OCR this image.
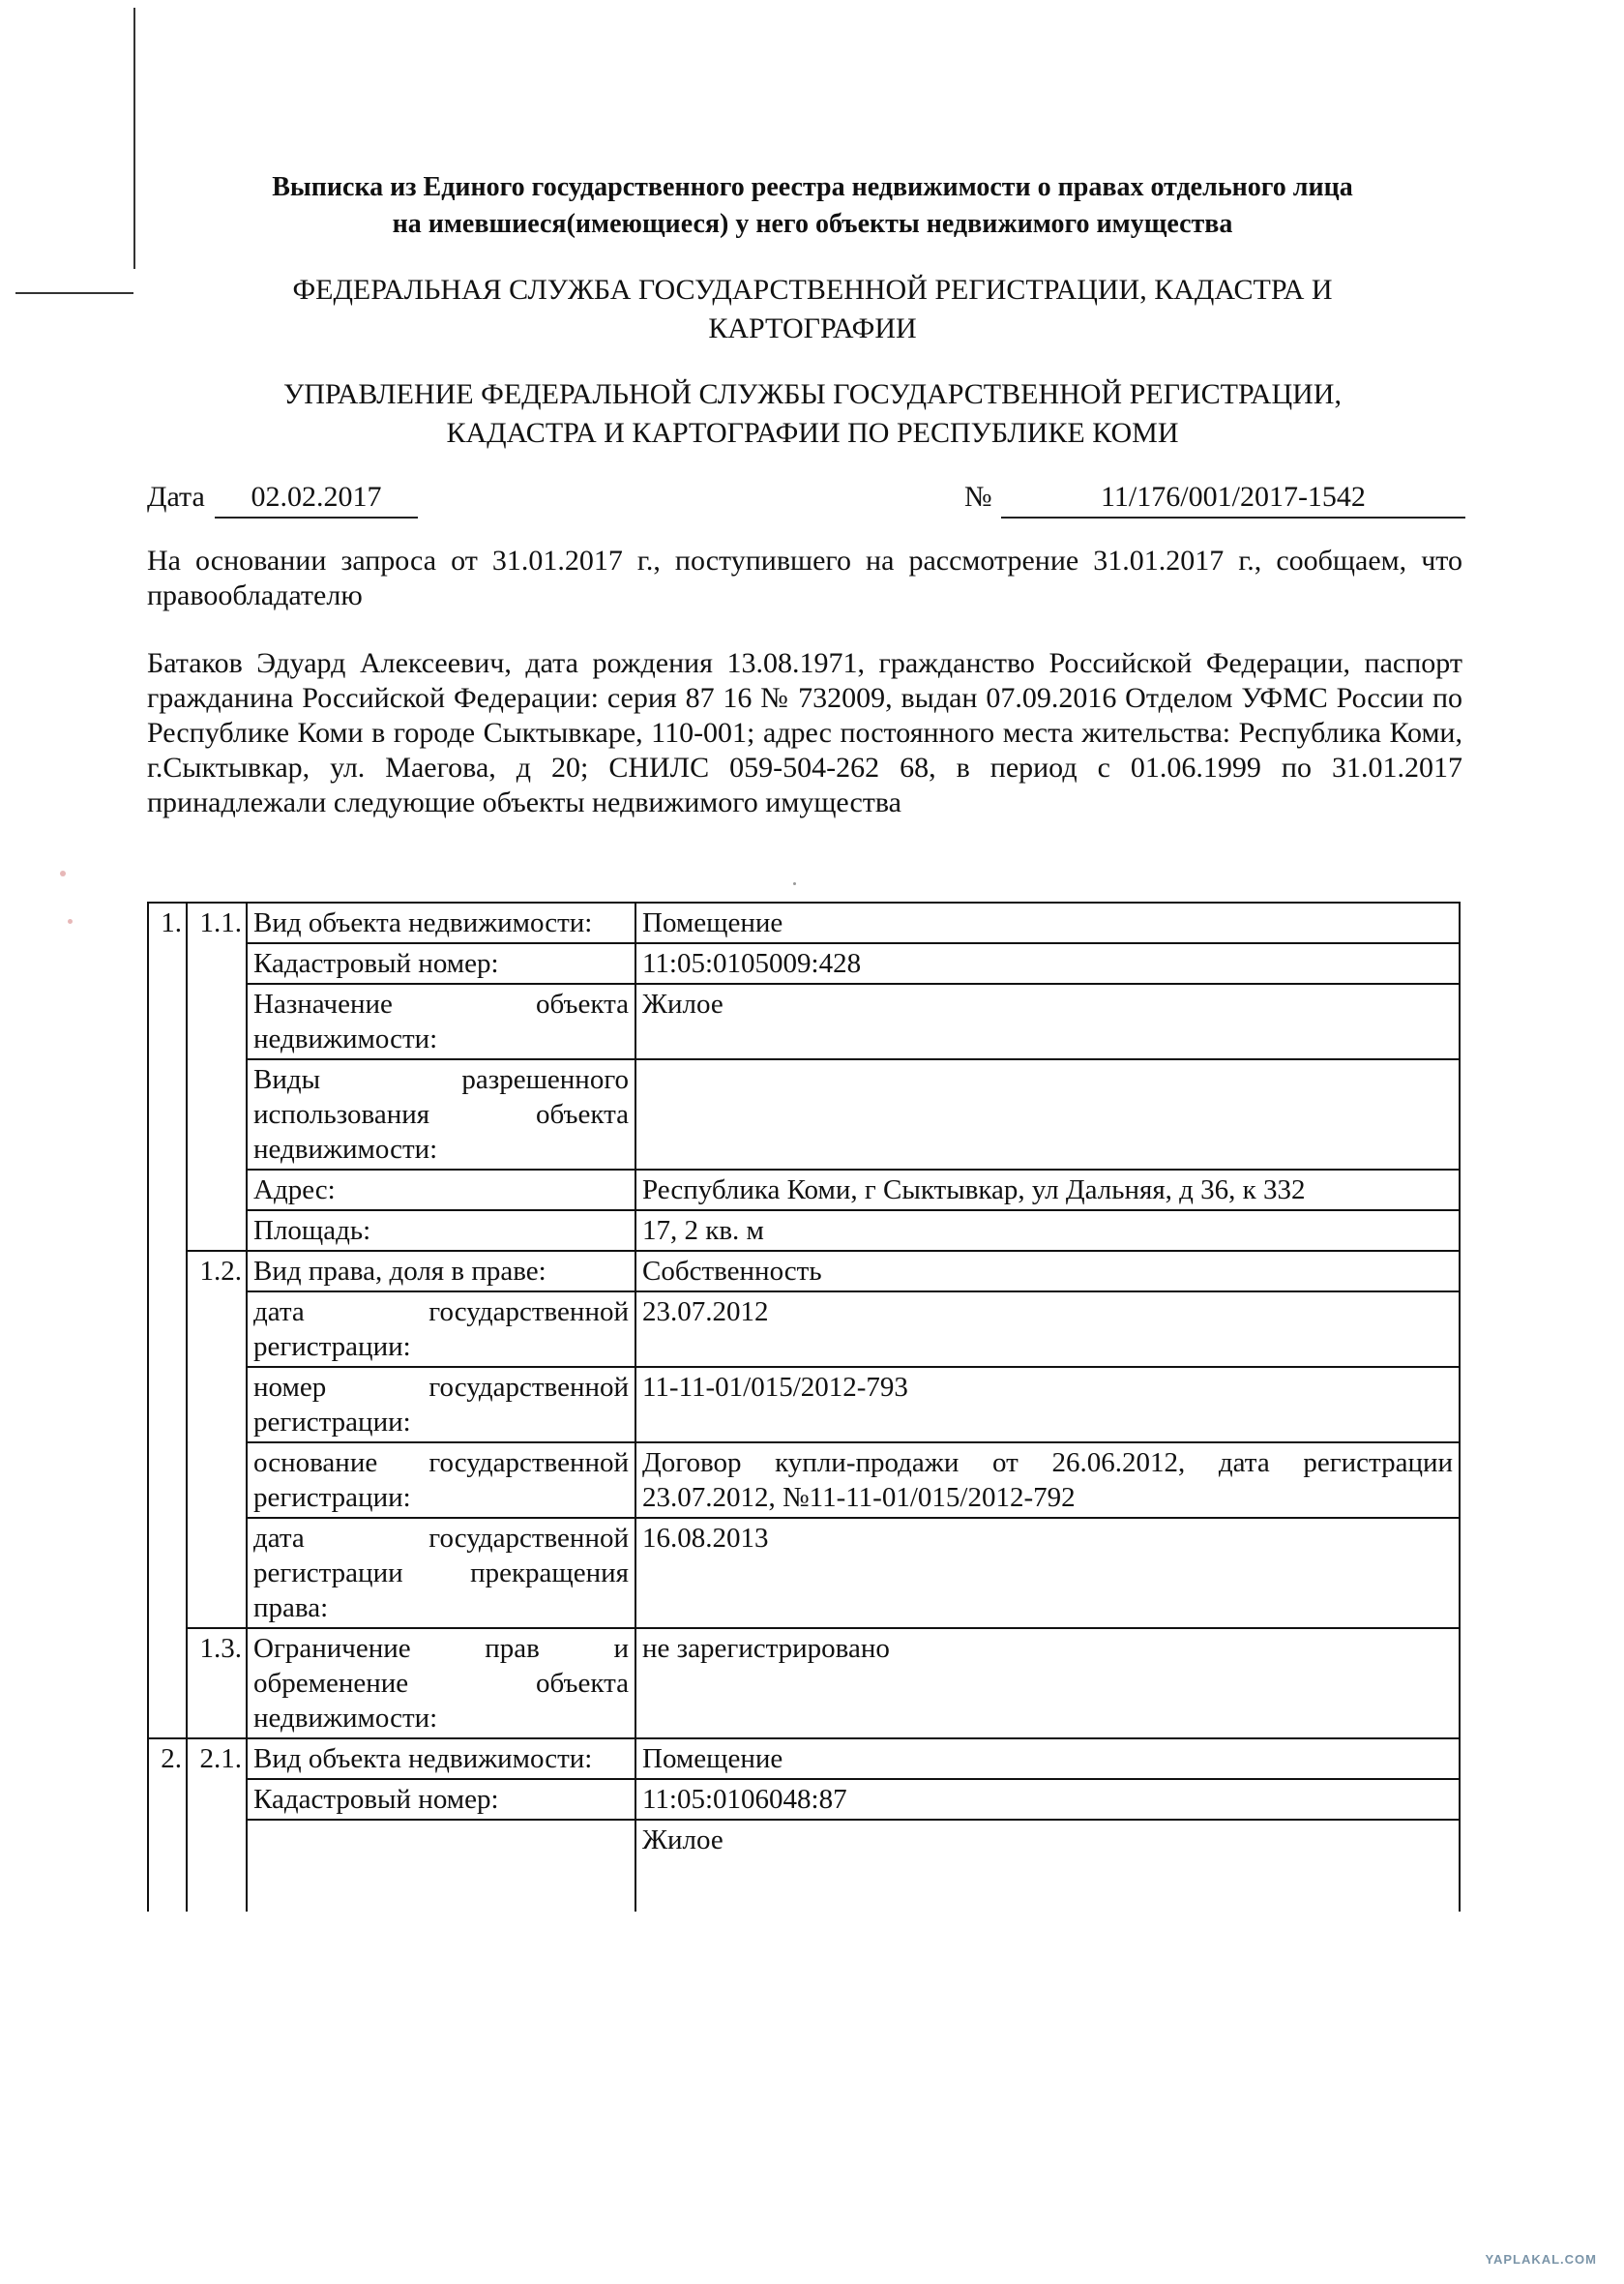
Выписка из Единого государственного реестра недвижимости о правах отдельного лица
на имевшиеся(имеющиеся) у него объекты недвижимого имущества
ФЕДЕРАЛЬНАЯ СЛУЖБА ГОСУДАРСТВЕННОЙ РЕГИСТРАЦИИ, КАДАСТРА И
КАРТОГРАФИИ
УПРАВЛЕНИЕ ФЕДЕРАЛЬНОЙ СЛУЖБЫ ГОСУДАРСТВЕННОЙ РЕГИСТРАЦИИ,
КАДАСТРА И КАРТОГРАФИИ ПО РЕСПУБЛИКЕ КОМИ
Дата	02.02.2017	№	11/176/001/2017-1542
На основании запроса от 31.01.2017 г., поступившего на рассмотрение 31.01.2017 г., сообщаем, что правообладателю
Батаков Эдуард Алексеевич, дата рождения 13.08.1971, гражданство Российской Федерации, паспорт гражданина Российской Федерации: серия 87 16 № 732009, выдан 07.09.2016 Отделом УФМС России по Республике Коми в городе Сыктывкаре, 110-001; адрес постоянного места жительства: Республика Коми, г.Сыктывкар, ул. Маегова, д 20; СНИЛС 059-504-262 68, в период с 01.06.1999 по 31.01.2017 принадлежали следующие объекты недвижимого имущества
1.	1.1.	Вид объекта недвижимости:	Помещение

		Кадастровый номер:	11:05:0105009:428

		Назначение объекта недвижимости:	Жилое

		Виды разрешенного использования объекта недвижимости:	

		Адрес:	Республика Коми, г Сыктывкар, ул Дальняя, д 36, к 332

		Площадь:	17, 2 кв. м

	1.2.	Вид права, доля в праве:	Собственность

		дата государственной регистрации:	23.07.2012

		номер государственной регистрации:	11-11-01/015/2012-793

		основание государственной регистрации:	Договор купли-продажи от 26.06.2012, дата регистрации 23.07.2012, №11-11-01/015/2012-792

		дата государственной регистрации прекращения права:	16.08.2013

	1.3.	Ограничение прав и обременение объекта недвижимости:	не зарегистрировано

2.	2.1.	Вид объекта недвижимости:	Помещение

		Кадастровый номер:	11:05:0106048:87

			Жилое
YAPLAKAL.COM
